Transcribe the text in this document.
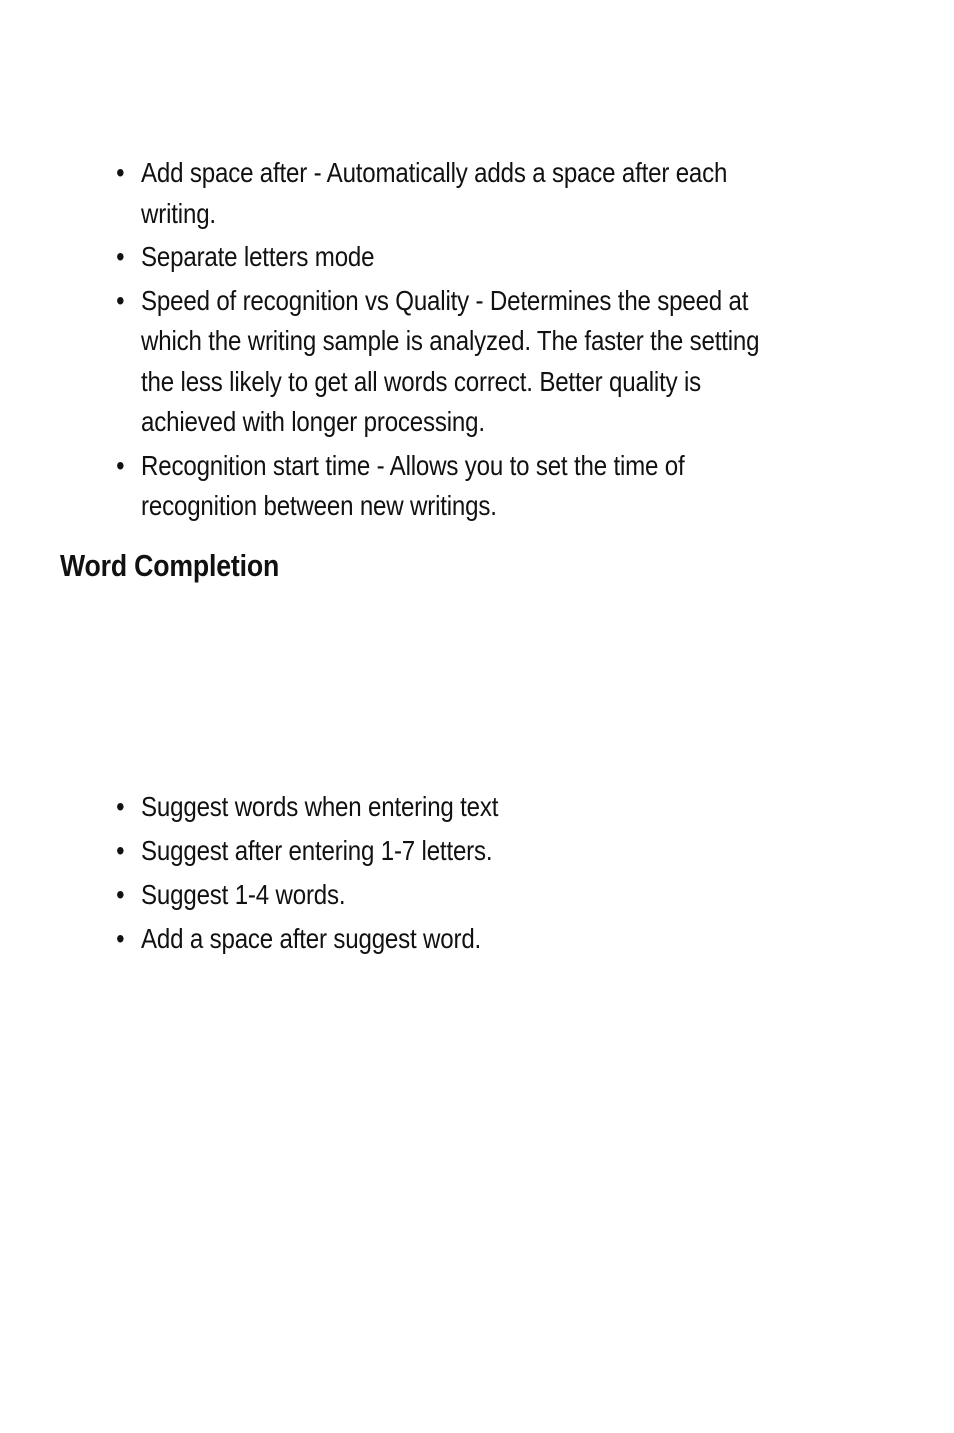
• Add space after - Automatically adds a space after each writing.
• Separate letters mode
• Speed of recognition vs Quality - Determines the speed at which the writing sample is analyzed. The faster the setting the less likely to get all words correct. Better quality is achieved with longer processing.
• Recognition start time - Allows you to set the time of recognition between new writings.
Word Completion
• Suggest words when entering text
• Suggest after entering 1-7 letters.
• Suggest 1-4 words.
• Add a space after suggest word.
